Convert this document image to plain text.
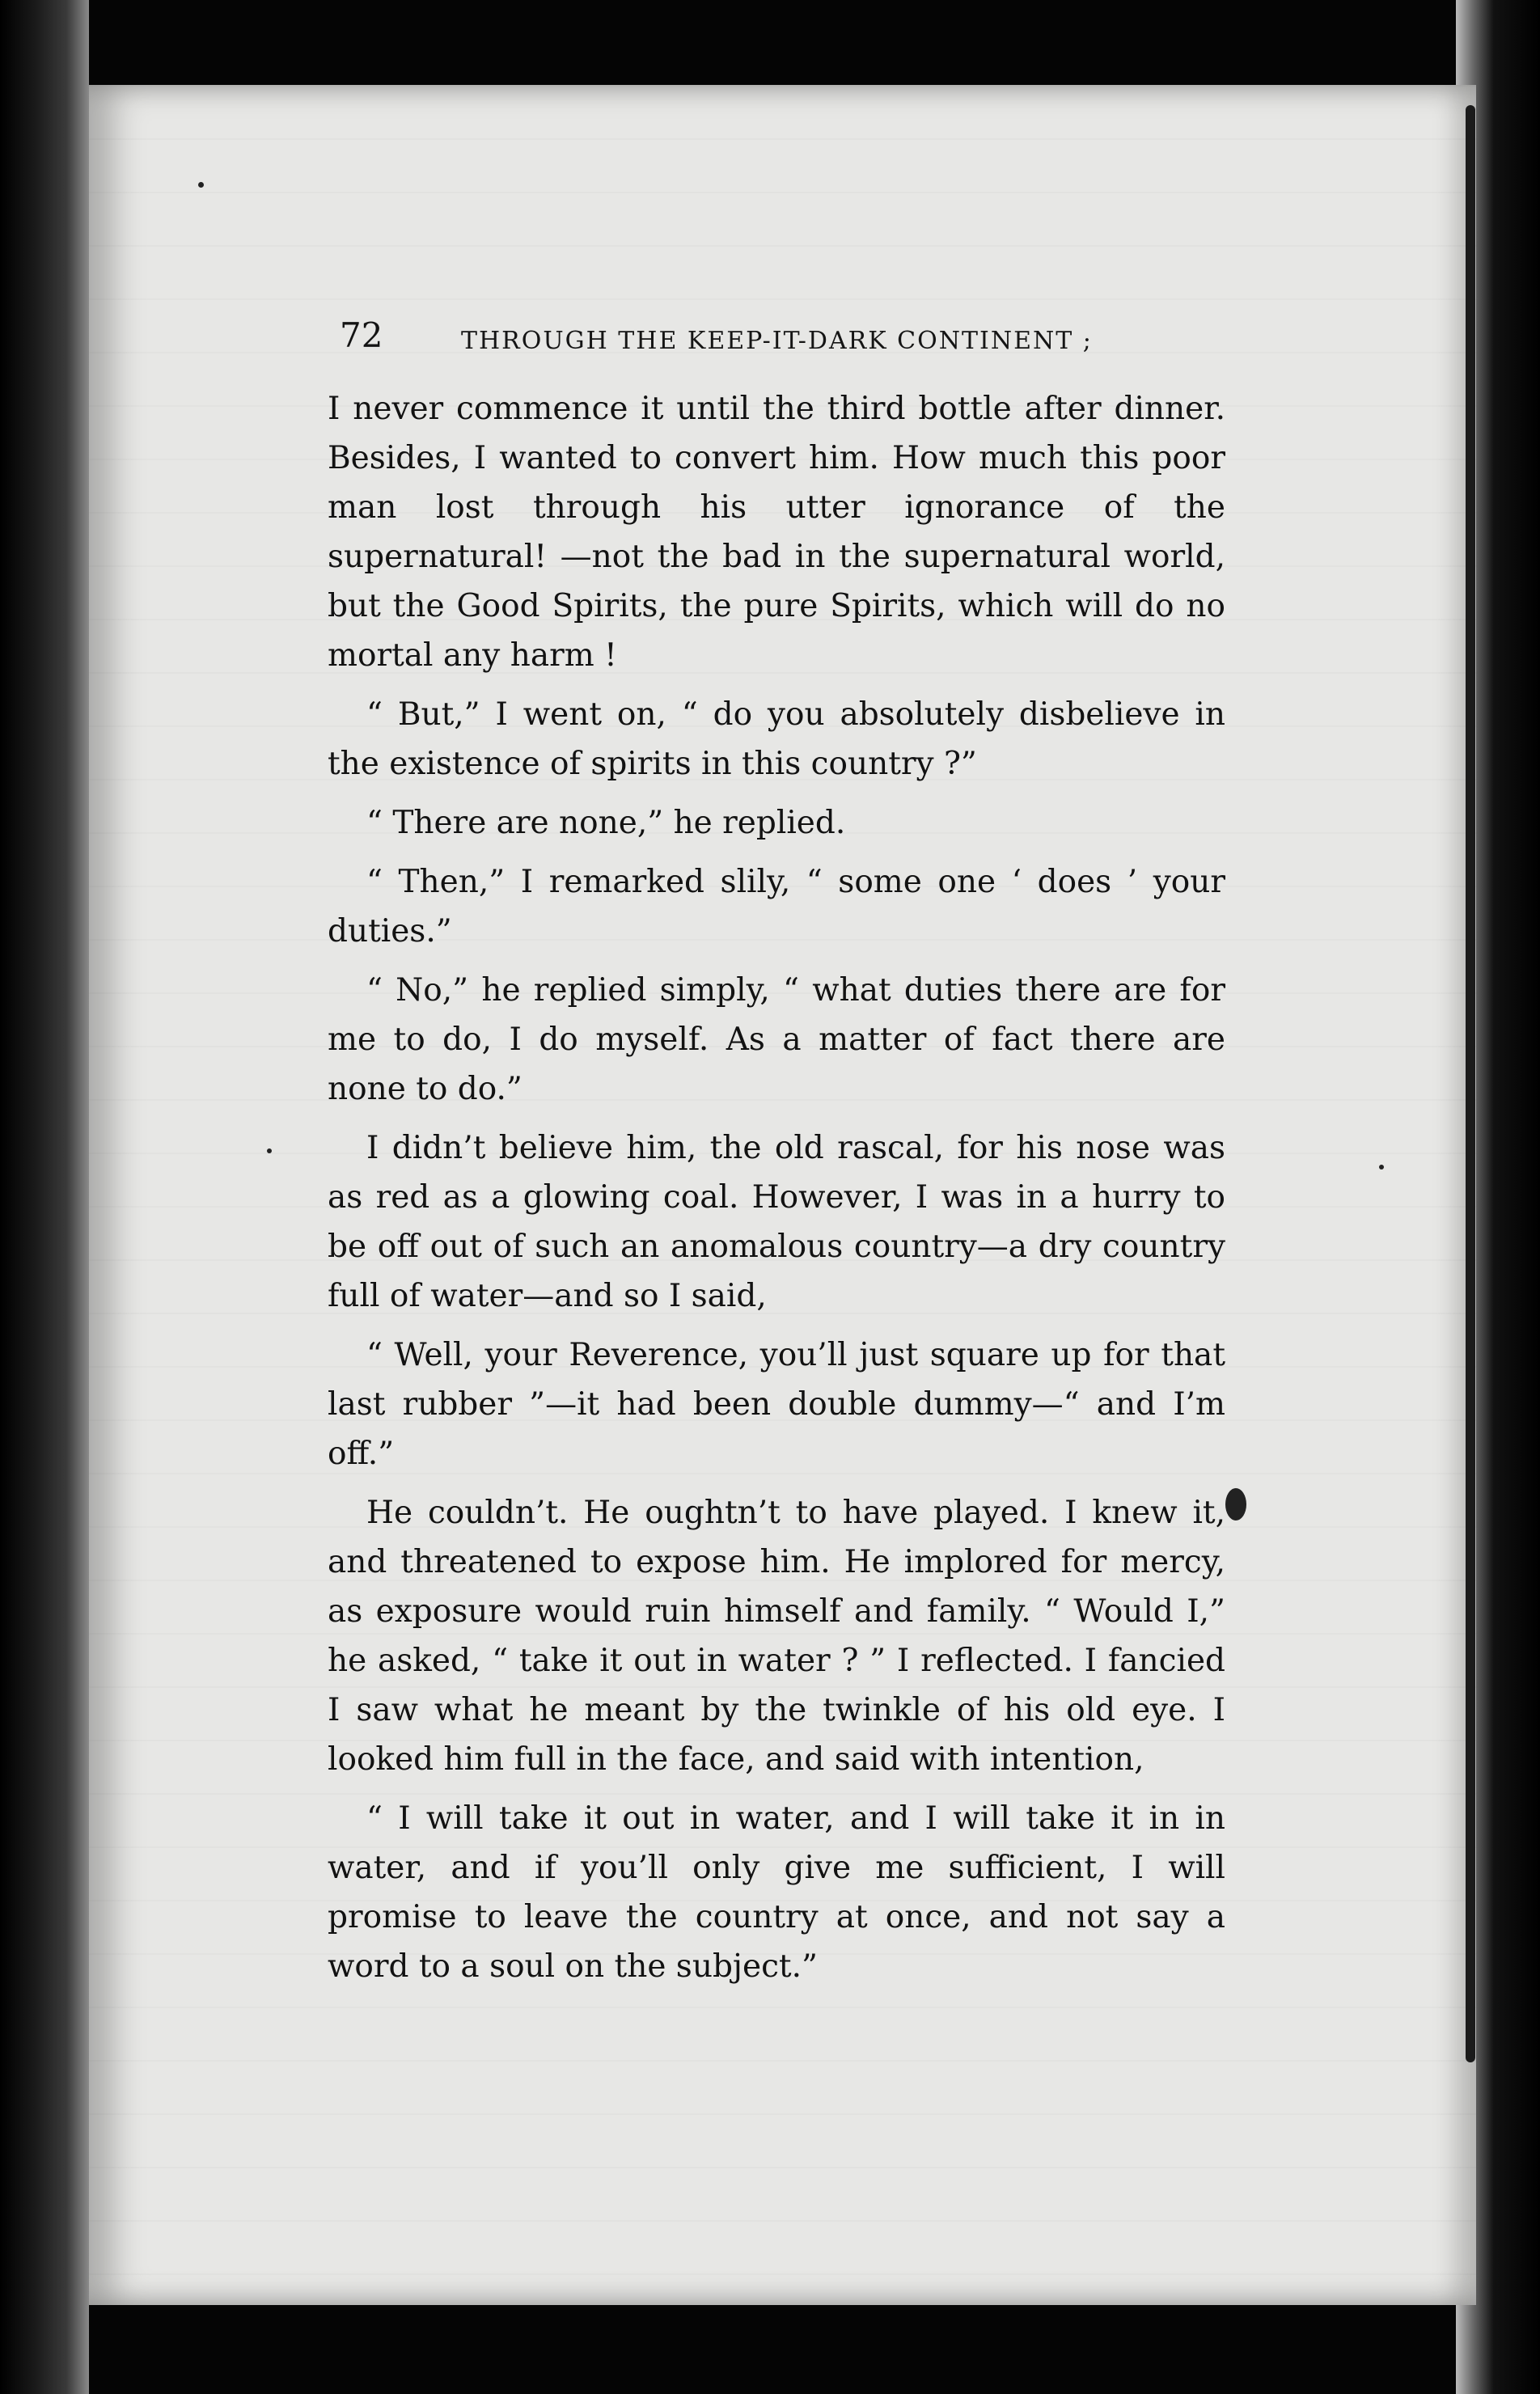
72	THROUGH THE KEEP-IT-DARK CONTINENT ;

I never commence it until the third bottle after dinner. Besides, I wanted to convert him. How much this poor man lost through his utter ignorance of the supernatural! —not the bad in the supernatural world, but the Good Spirits, the pure Spirits, which will do no mortal any harm !

“ But,” I went on, “ do you absolutely disbelieve in the existence of spirits in this country ?”

“ There are none,” he replied.

“ Then,” I remarked slily, “ some one ‘ does ’ your duties.”

“ No,” he replied simply, “ what duties there are for me to do, I do myself. As a matter of fact there are none to do.”

I didn’t believe him, the old rascal, for his nose was as red as a glowing coal. However, I was in a hurry to be off out of such an anomalous country—a dry country full of water—and so I said,

“ Well, your Reverence, you’ll just square up for that last rubber ”—it had been double dummy—“ and I’m off.”

He couldn’t. He oughtn’t to have played. I knew it, and threatened to expose him. He implored for mercy, as exposure would ruin himself and family. “ Would I,” he asked, “ take it out in water ? ” I reflected. I fancied I saw what he meant by the twinkle of his old eye. I looked him full in the face, and said with intention,

“ I will take it out in water, and I will take it in in water, and if you’ll only give me sufficient, I will promise to leave the country at once, and not say a word to a soul on the subject.”
